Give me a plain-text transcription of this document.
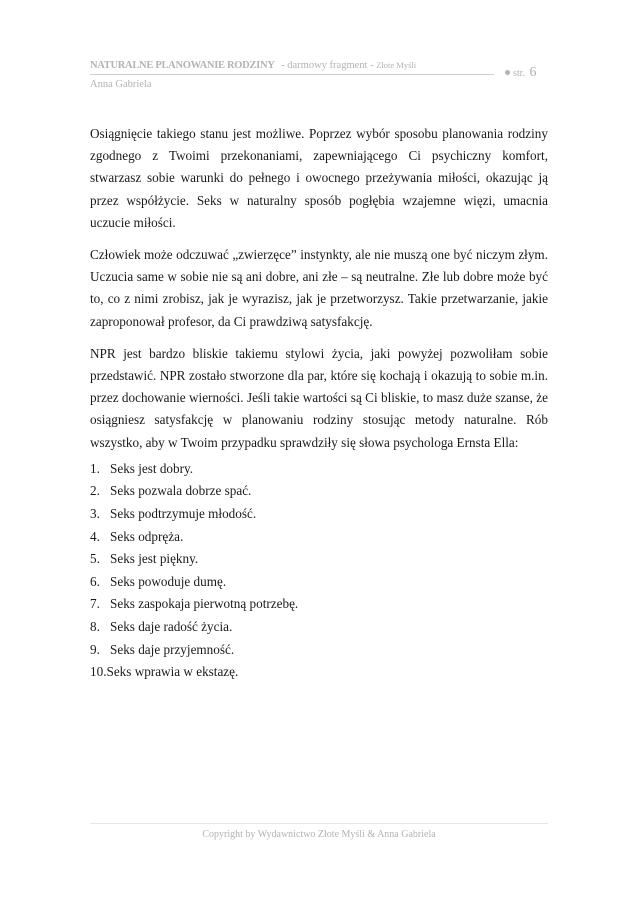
NATURALNE PLANOWANIE RODZINY - darmowy fragment - Złote Myśli
Anna Gabriela
str. 6

Osiągnięcie takiego stanu jest możliwe. Poprzez wybór sposobu planowania rodziny zgodnego z Twoimi przekonaniami, zapewniającego Ci psychiczny komfort, stwarzasz sobie warunki do pełnego i owocnego przeżywania miłości, okazując ją przez współżycie. Seks w naturalny sposób pogłębia wzajemne więzi, umacnia uczucie miłości.

Człowiek może odczuwać „zwierzęce” instynkty, ale nie muszą one być niczym złym. Uczucia same w sobie nie są ani dobre, ani złe – są neutralne. Złe lub dobre może być to, co z nimi zrobisz, jak je wyrazisz, jak je przetworzysz. Takie przetwarzanie, jakie zaproponował profesor, da Ci prawdziwą satysfakcję.

NPR jest bardzo bliskie takiemu stylowi życia, jaki powyżej pozwoliłam sobie przedstawić. NPR zostało stworzone dla par, które się kochają i okazują to sobie m.in. przez dochowanie wierności. Jeśli takie wartości są Ci bliskie, to masz duże szanse, że osiągniesz satysfakcję w planowaniu rodziny stosując metody naturalne. Rób wszystko, aby w Twoim przypadku sprawdziły się słowa psychologa Ernsta Ella:

1. Seks jest dobry.
2. Seks pozwala dobrze spać.
3. Seks podtrzymuje młodość.
4. Seks odpręża.
5. Seks jest piękny.
6. Seks powoduje dumę.
7. Seks zaspokaja pierwotną potrzebę.
8. Seks daje radość życia.
9. Seks daje przyjemność.
10.Seks wprawia w ekstazę.
Copyright by Wydawnictwo Złote Myśli & Anna Gabriela
